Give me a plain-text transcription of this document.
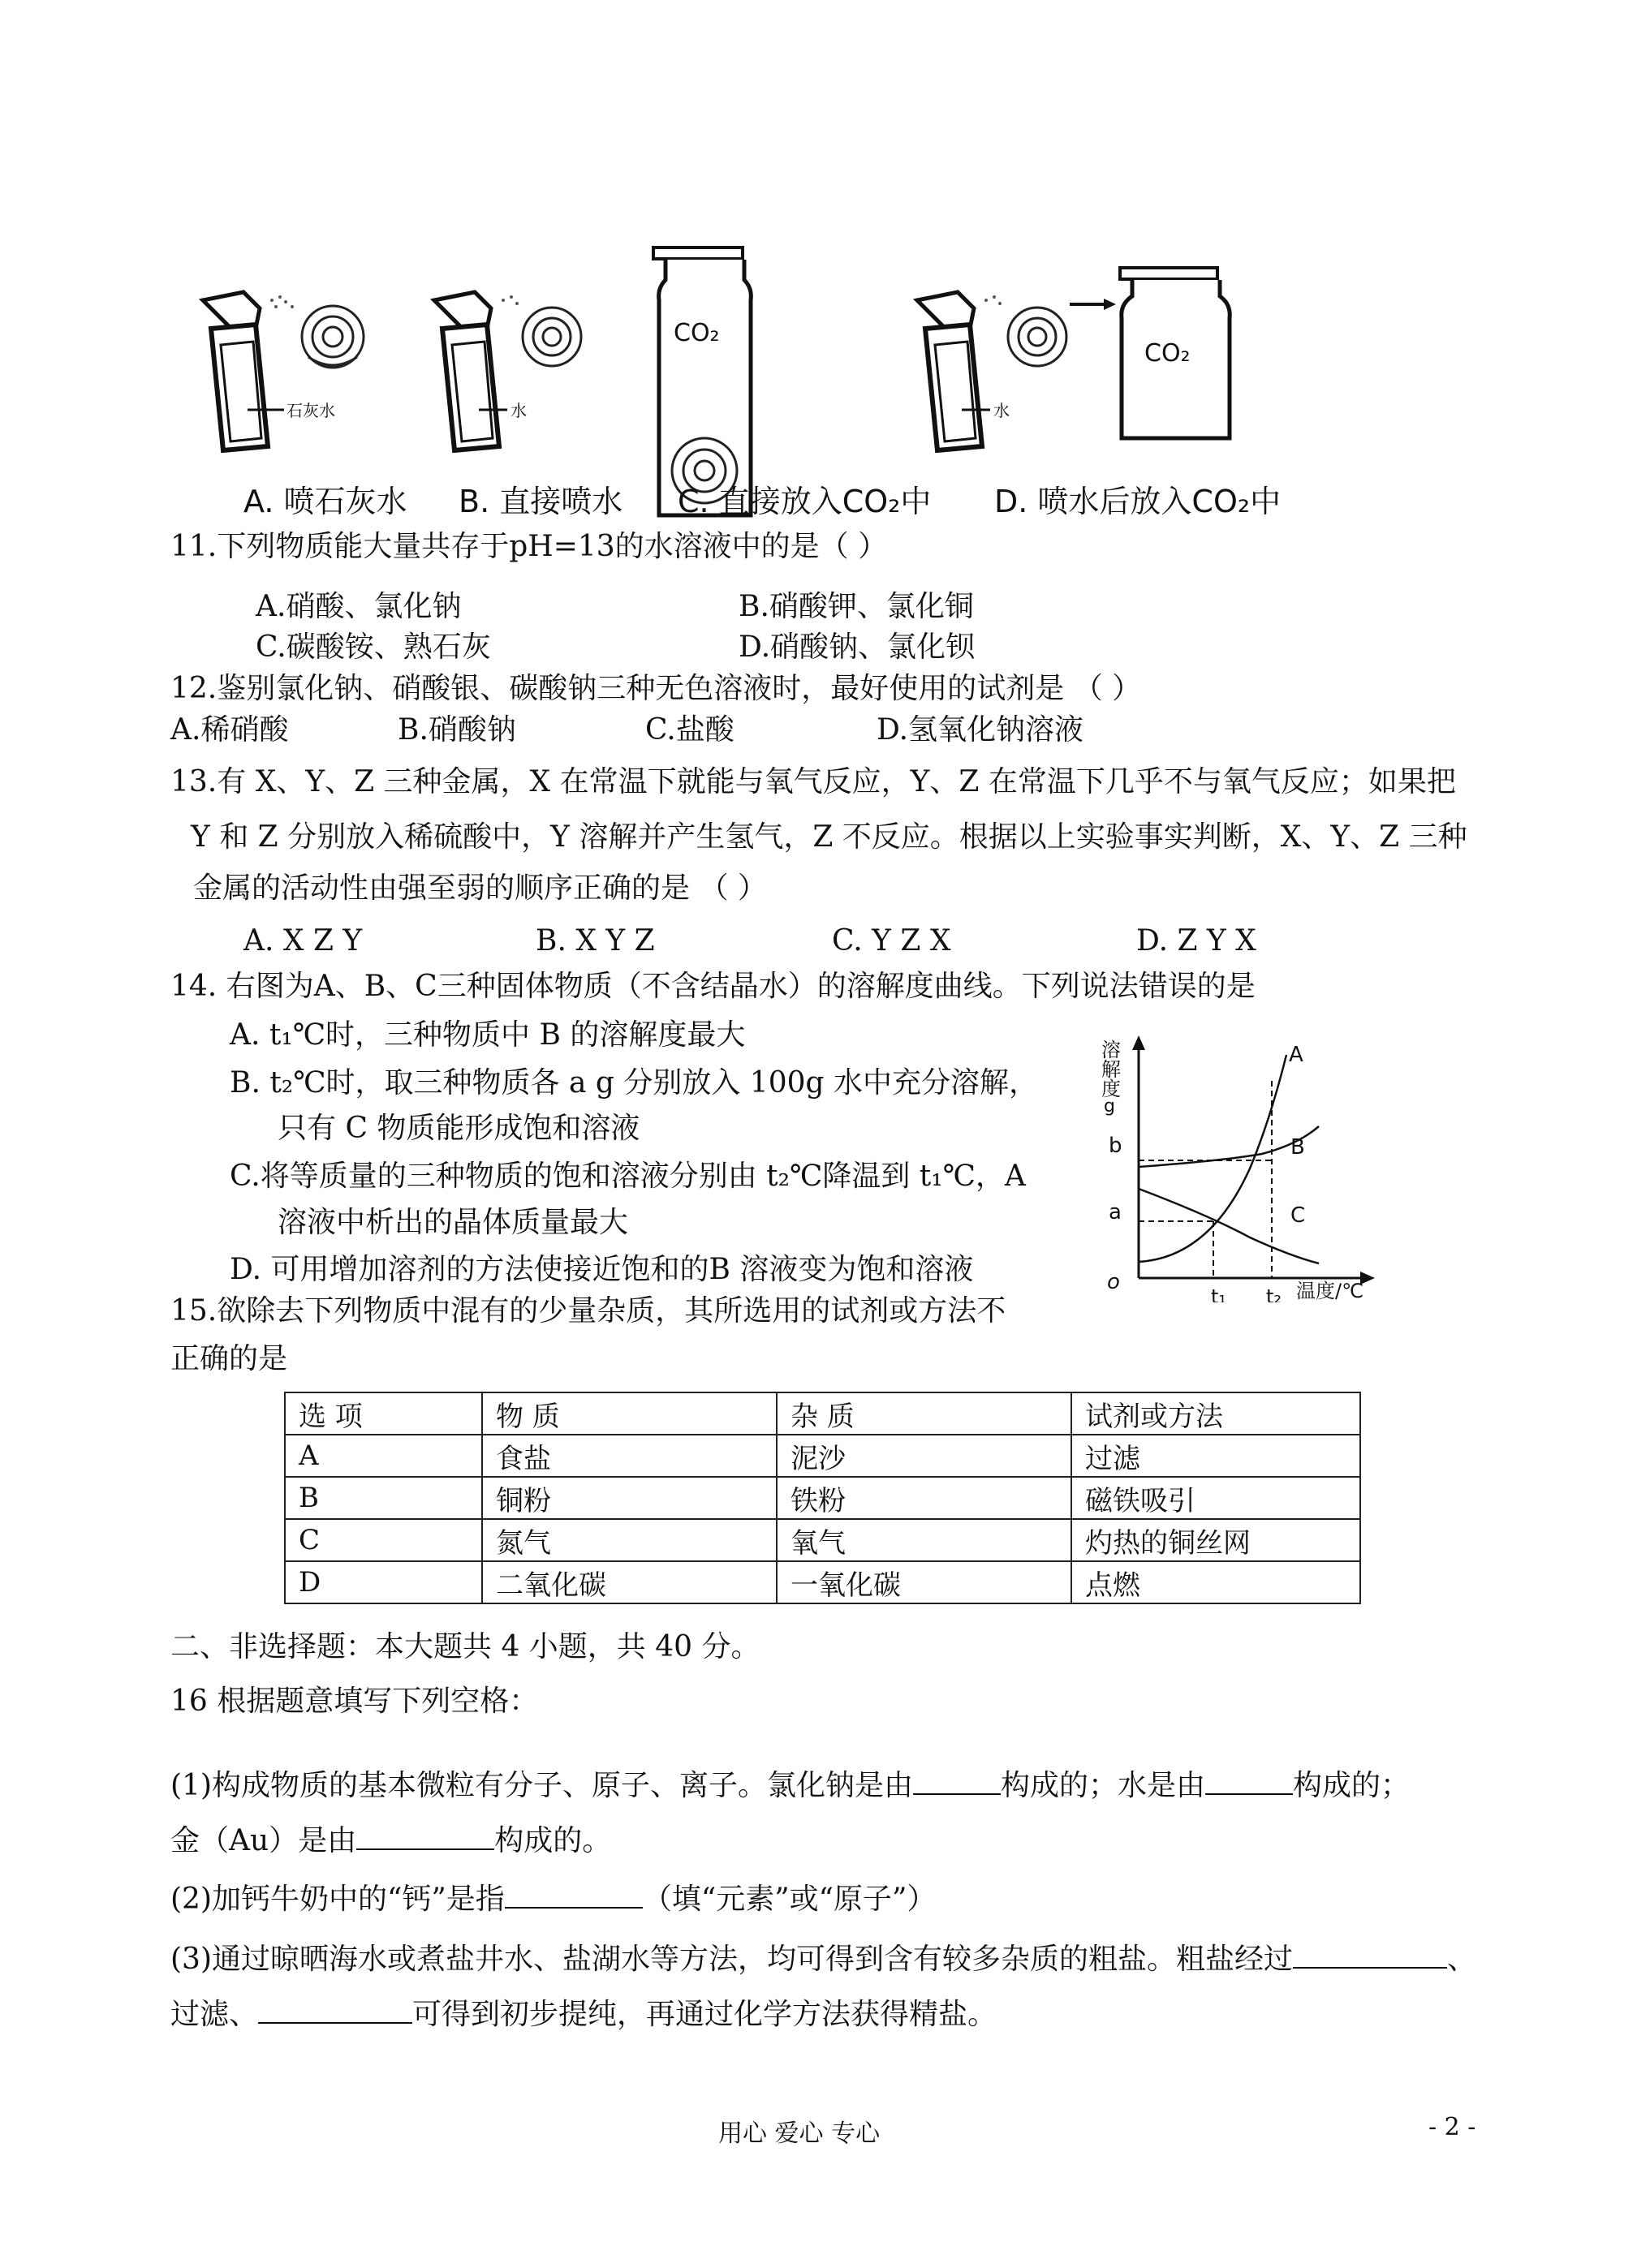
石灰水	水
CO₂
水
CO₂
A. 喷石灰水 B. 直接喷水 C. 直接放入CO₂中 D. 喷水后放入CO₂中
11.下列物质能大量共存于pH=13的水溶液中的是（ ）
A.硝酸、氯化钠	B.硝酸钾、氯化铜
C.碳酸铵、熟石灰	D.硝酸钠、氯化钡
12.鉴别氯化钠、硝酸银、碳酸钠三种无色溶液时，最好使用的试剂是 （ ）
A.稀硝酸	B.硝酸钠	C.盐酸	D.氢氧化钠溶液
13.有 X、Y、Z 三种金属，X 在常温下就能与氧气反应，Y、Z 在常温下几乎不与氧气反应；如果把
Y 和 Z 分别放入稀硫酸中，Y 溶解并产生氢气，Z 不反应。根据以上实验事实判断，X、Y、Z 三种
金属的活动性由强至弱的顺序正确的是 （ ）
A. X Z Y	B. X Y Z	C. Y Z X	D. Z Y X
14. 右图为A、B、C三种固体物质（不含结晶水）的溶解度曲线。下列说法错误的是
A. t₁℃时，三种物质中 B 的溶解度最大
B. t₂℃时，取三种物质各 a g 分别放入 100g 水中充分溶解，
只有 C 物质能形成饱和溶液
C.将等质量的三种物质的饱和溶液分别由 t₂℃降温到 t₁℃，A
溶液中析出的晶体质量最大
D. 可用增加溶剂的方法使接近饱和的B 溶液变为饱和溶液
溶
解
度
g
b
a
o
t₁ t₂ 温度/℃
A
B
C
15.欲除去下列物质中混有的少量杂质，其所选用的试剂或方法不
正确的是
选 项	物 质	杂 质	试剂或方法
A	食盐	泥沙	过滤
B	铜粉	铁粉	磁铁吸引
C	氮气	氧气	灼热的铜丝网
D	二氧化碳	一氧化碳	点燃
二、非选择题：本大题共 4 小题，共 40 分。
16 根据题意填写下列空格：
(1)构成物质的基本微粒有分子、原子、离子。氯化钠是由	构成的；水是由	构成的；
金（Au）是由	构成的。
(2)加钙牛奶中的“钙”是指	（填“元素”或“原子”）
(3)通过晾晒海水或煮盐井水、盐湖水等方法，均可得到含有较多杂质的粗盐。粗盐经过	、
过滤、	可得到初步提纯，再通过化学方法获得精盐。
用心 爱心 专心	- 2 -
